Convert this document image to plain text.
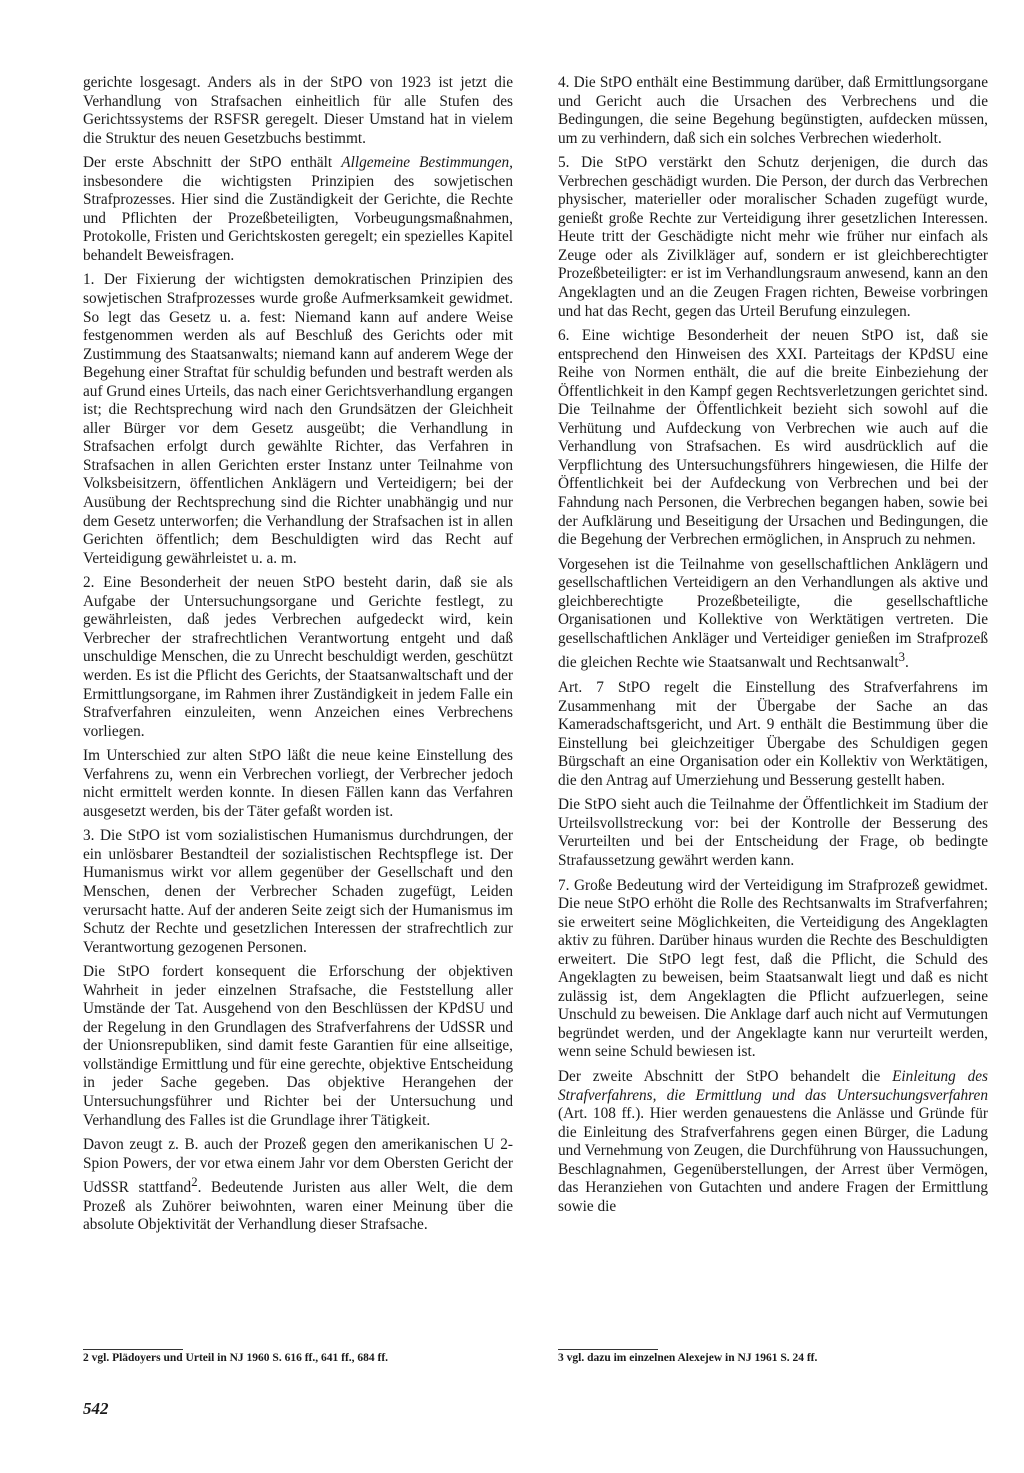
gerichte losgesagt. Anders als in der StPO von 1923 ist jetzt die Verhandlung von Strafsachen einheitlich für alle Stufen des Gerichtssystems der RSFSR geregelt. Dieser Umstand hat in vielem die Struktur des neuen Gesetzbuchs bestimmt.

Der erste Abschnitt der StPO enthält Allgemeine Bestimmungen, insbesondere die wichtigsten Prinzipien des sowjetischen Strafprozesses. Hier sind die Zuständigkeit der Gerichte, die Rechte und Pflichten der Prozeßbeteiligten, Vorbeugungsmaßnahmen, Protokolle, Fristen und Gerichtskosten geregelt; ein spezielles Kapitel behandelt Beweisfragen.

1. Der Fixierung der wichtigsten demokratischen Prinzipien des sowjetischen Strafprozesses wurde große Aufmerksamkeit gewidmet. So legt das Gesetz u. a. fest: Niemand kann auf andere Weise festgenommen werden als auf Beschluß des Gerichts oder mit Zustimmung des Staatsanwalts; niemand kann auf anderem Wege der Begehung einer Straftat für schuldig befunden und bestraft werden als auf Grund eines Urteils, das nach einer Gerichtsverhandlung ergangen ist; die Rechtsprechung wird nach den Grundsätzen der Gleichheit aller Bürger vor dem Gesetz ausgeübt; die Verhandlung in Strafsachen erfolgt durch gewählte Richter, das Verfahren in Strafsachen in allen Gerichten erster Instanz unter Teilnahme von Volksbeisitzern, öffentlichen Anklägern und Verteidigern; bei der Ausübung der Rechtsprechung sind die Richter unabhängig und nur dem Gesetz unterworfen; die Verhandlung der Strafsachen ist in allen Gerichten öffentlich; dem Beschuldigten wird das Recht auf Verteidigung gewährleistet u. a. m.

2. Eine Besonderheit der neuen StPO besteht darin, daß sie als Aufgabe der Untersuchungsorgane und Gerichte festlegt, zu gewährleisten, daß jedes Verbrechen aufgedeckt wird, kein Verbrecher der strafrechtlichen Verantwortung entgeht und daß unschuldige Menschen, die zu Unrecht beschuldigt werden, geschützt werden. Es ist die Pflicht des Gerichts, der Staatsanwaltschaft und der Ermittlungsorgane, im Rahmen ihrer Zuständigkeit in jedem Falle ein Strafverfahren einzuleiten, wenn Anzeichen eines Verbrechens vorliegen.

Im Unterschied zur alten StPO läßt die neue keine Einstellung des Verfahrens zu, wenn ein Verbrechen vorliegt, der Verbrecher jedoch nicht ermittelt werden konnte. In diesen Fällen kann das Verfahren ausgesetzt werden, bis der Täter gefaßt worden ist.

3. Die StPO ist vom sozialistischen Humanismus durchdrungen, der ein unlösbarer Bestandteil der sozialistischen Rechtspflege ist. Der Humanismus wirkt vor allem gegenüber der Gesellschaft und den Menschen, denen der Verbrecher Schaden zugefügt, Leiden verursacht hatte. Auf der anderen Seite zeigt sich der Humanismus im Schutz der Rechte und gesetzlichen Interessen der strafrechtlich zur Verantwortung gezogenen Personen.

Die StPO fordert konsequent die Erforschung der objektiven Wahrheit in jeder einzelnen Strafsache, die Feststellung aller Umstände der Tat. Ausgehend von den Beschlüssen der KPdSU und der Regelung in den Grundlagen des Strafverfahrens der UdSSR und der Unionsrepubliken, sind damit feste Garantien für eine allseitige, vollständige Ermittlung und für eine gerechte, objektive Entscheidung in jeder Sache gegeben. Das objektive Herangehen der Untersuchungsführer und Richter bei der Untersuchung und Verhandlung des Falles ist die Grundlage ihrer Tätigkeit.

Davon zeugt z. B. auch der Prozeß gegen den amerikanischen U 2-Spion Powers, der vor etwa einem Jahr vor dem Obersten Gericht der UdSSR stattfand$^2$. Bedeutende Juristen aus aller Welt, die dem Prozeß als Zuhörer beiwohnten, waren einer Meinung über die absolute Objektivität der Verhandlung dieser Strafsache.

4. Die StPO enthält eine Bestimmung darüber, daß Ermittlungsorgane und Gericht auch die Ursachen des Verbrechens und die Bedingungen, die seine Begehung begünstigten, aufdecken müssen, um zu verhindern, daß sich ein solches Verbrechen wiederholt.

5. Die StPO verstärkt den Schutz derjenigen, die durch das Verbrechen geschädigt wurden. Die Person, der durch das Verbrechen physischer, materieller oder moralischer Schaden zugefügt wurde, genießt große Rechte zur Verteidigung ihrer gesetzlichen Interessen. Heute tritt der Geschädigte nicht mehr wie früher nur einfach als Zeuge oder als Zivilkläger auf, sondern er ist gleichberechtigter Prozeßbeteiligter: er ist im Verhandlungsraum anwesend, kann an den Angeklagten und an die Zeugen Fragen richten, Beweise vorbringen und hat das Recht, gegen das Urteil Berufung einzulegen.

6. Eine wichtige Besonderheit der neuen StPO ist, daß sie entsprechend den Hinweisen des XXI. Parteitags der KPdSU eine Reihe von Normen enthält, die auf die breite Einbeziehung der Öffentlichkeit in den Kampf gegen Rechtsverletzungen gerichtet sind. Die Teilnahme der Öffentlichkeit bezieht sich sowohl auf die Verhütung und Aufdeckung von Verbrechen wie auch auf die Verhandlung von Strafsachen. Es wird ausdrücklich auf die Verpflichtung des Untersuchungsführers hingewiesen, die Hilfe der Öffentlichkeit bei der Aufdeckung von Verbrechen und bei der Fahndung nach Personen, die Verbrechen begangen haben, sowie bei der Aufklärung und Beseitigung der Ursachen und Bedingungen, die die Begehung der Verbrechen ermöglichen, in Anspruch zu nehmen.

Vorgesehen ist die Teilnahme von gesellschaftlichen Anklägern und gesellschaftlichen Verteidigern an den Verhandlungen als aktive und gleichberechtigte Prozeßbeteiligte, die gesellschaftliche Organisationen und Kollektive von Werktätigen vertreten. Die gesellschaftlichen Ankläger und Verteidiger genießen im Strafprozeß die gleichen Rechte wie Staatsanwalt und Rechtsanwalt$^3$.

Art. 7 StPO regelt die Einstellung des Strafverfahrens im Zusammenhang mit der Übergabe der Sache an das Kameradschaftsgericht, und Art. 9 enthält die Bestimmung über die Einstellung bei gleichzeitiger Übergabe des Schuldigen gegen Bürgschaft an eine Organisation oder ein Kollektiv von Werktätigen, die den Antrag auf Umerziehung und Besserung gestellt haben.

Die StPO sieht auch die Teilnahme der Öffentlichkeit im Stadium der Urteilsvollstreckung vor: bei der Kontrolle der Besserung des Verurteilten und bei der Entscheidung der Frage, ob bedingte Strafaussetzung gewährt werden kann.

7. Große Bedeutung wird der Verteidigung im Strafprozeß gewidmet. Die neue StPO erhöht die Rolle des Rechtsanwalts im Strafverfahren; sie erweitert seine Möglichkeiten, die Verteidigung des Angeklagten aktiv zu führen. Darüber hinaus wurden die Rechte des Beschuldigten erweitert. Die StPO legt fest, daß die Pflicht, die Schuld des Angeklagten zu beweisen, beim Staatsanwalt liegt und daß es nicht zulässig ist, dem Angeklagten die Pflicht aufzuerlegen, seine Unschuld zu beweisen. Die Anklage darf auch nicht auf Vermutungen begründet werden, und der Angeklagte kann nur verurteilt werden, wenn seine Schuld bewiesen ist.

Der zweite Abschnitt der StPO behandelt die Einleitung des Strafverfahrens, die Ermittlung und das Untersuchungsverfahren (Art. 108 ff.). Hier werden genauestens die Anlässe und Gründe für die Einleitung des Strafverfahrens gegen einen Bürger, die Ladung und Vernehmung von Zeugen, die Durchführung von Haussuchungen, Beschlagnahmen, Gegenüberstellungen, der Arrest über Vermögen, das Heranziehen von Gutachten und andere Fragen der Ermittlung sowie die

2 vgl. Plädoyers und Urteil in NJ 1960 S. 616 ff., 641 ff., 684 ff.	3 vgl. dazu im einzelnen Alexejew in NJ 1961 S. 24 ff.
542
